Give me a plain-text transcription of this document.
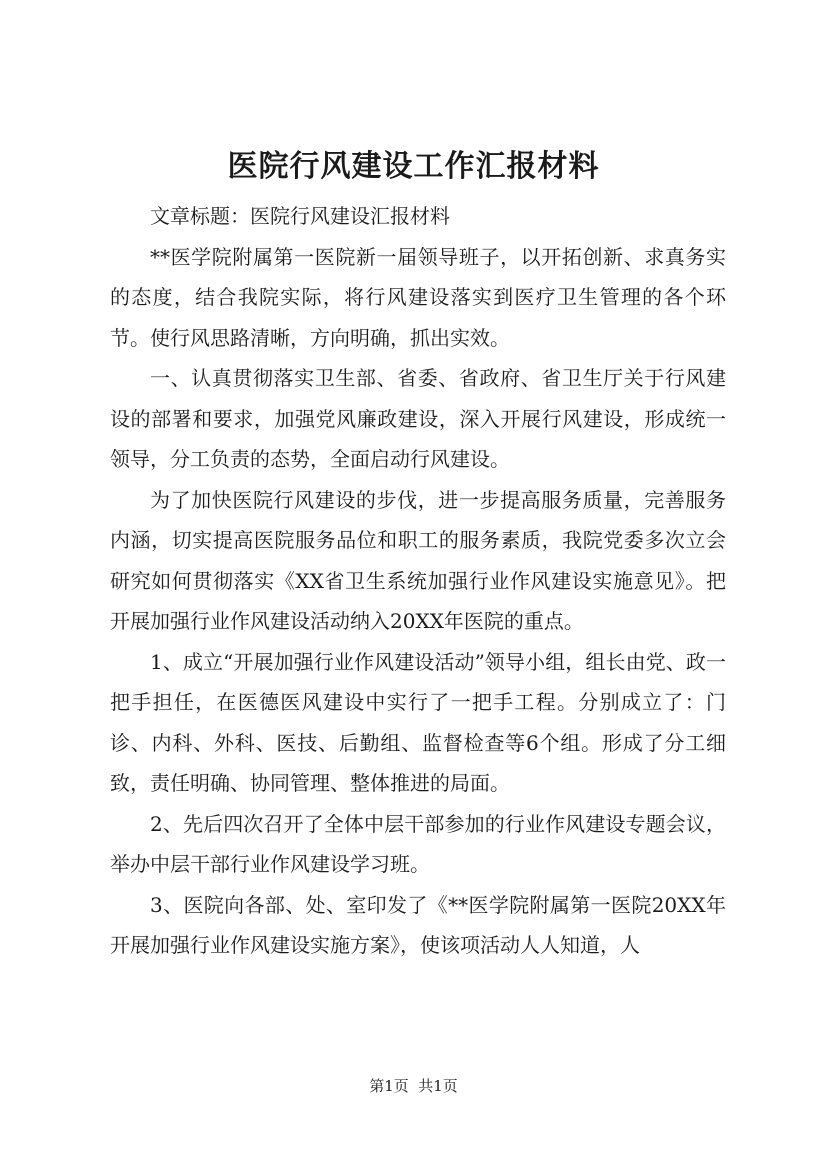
医院行风建设工作汇报材料

文章标题：医院行风建设汇报材料

**医学院附属第一医院新一届领导班子，以开拓创新、求真务实的态度，结合我院实际，将行风建设落实到医疗卫生管理的各个环节。使行风思路清晰，方向明确，抓出实效。

一、认真贯彻落实卫生部、省委、省政府、省卫生厅关于行风建设的部署和要求，加强党风廉政建设，深入开展行风建设，形成统一领导，分工负责的态势，全面启动行风建设。

为了加快医院行风建设的步伐，进一步提高服务质量，完善服务内涵，切实提高医院服务品位和职工的服务素质，我院党委多次立会研究如何贯彻落实《XX省卫生系统加强行业作风建设实施意见》。把开展加强行业作风建设活动纳入20XX年医院的重点。

1、成立“开展加强行业作风建设活动”领导小组，组长由党、政一把手担任，在医德医风建设中实行了一把手工程。分别成立了：门诊、内科、外科、医技、后勤组、监督检查等6个组。形成了分工细致，责任明确、协同管理、整体推进的局面。

2、先后四次召开了全体中层干部参加的行业作风建设专题会议，举办中层干部行业作风建设学习班。

3、医院向各部、处、室印发了《**医学院附属第一医院20XX年开展加强行业作风建设实施方案》，使该项活动人人知道，人

第1页  共1页
